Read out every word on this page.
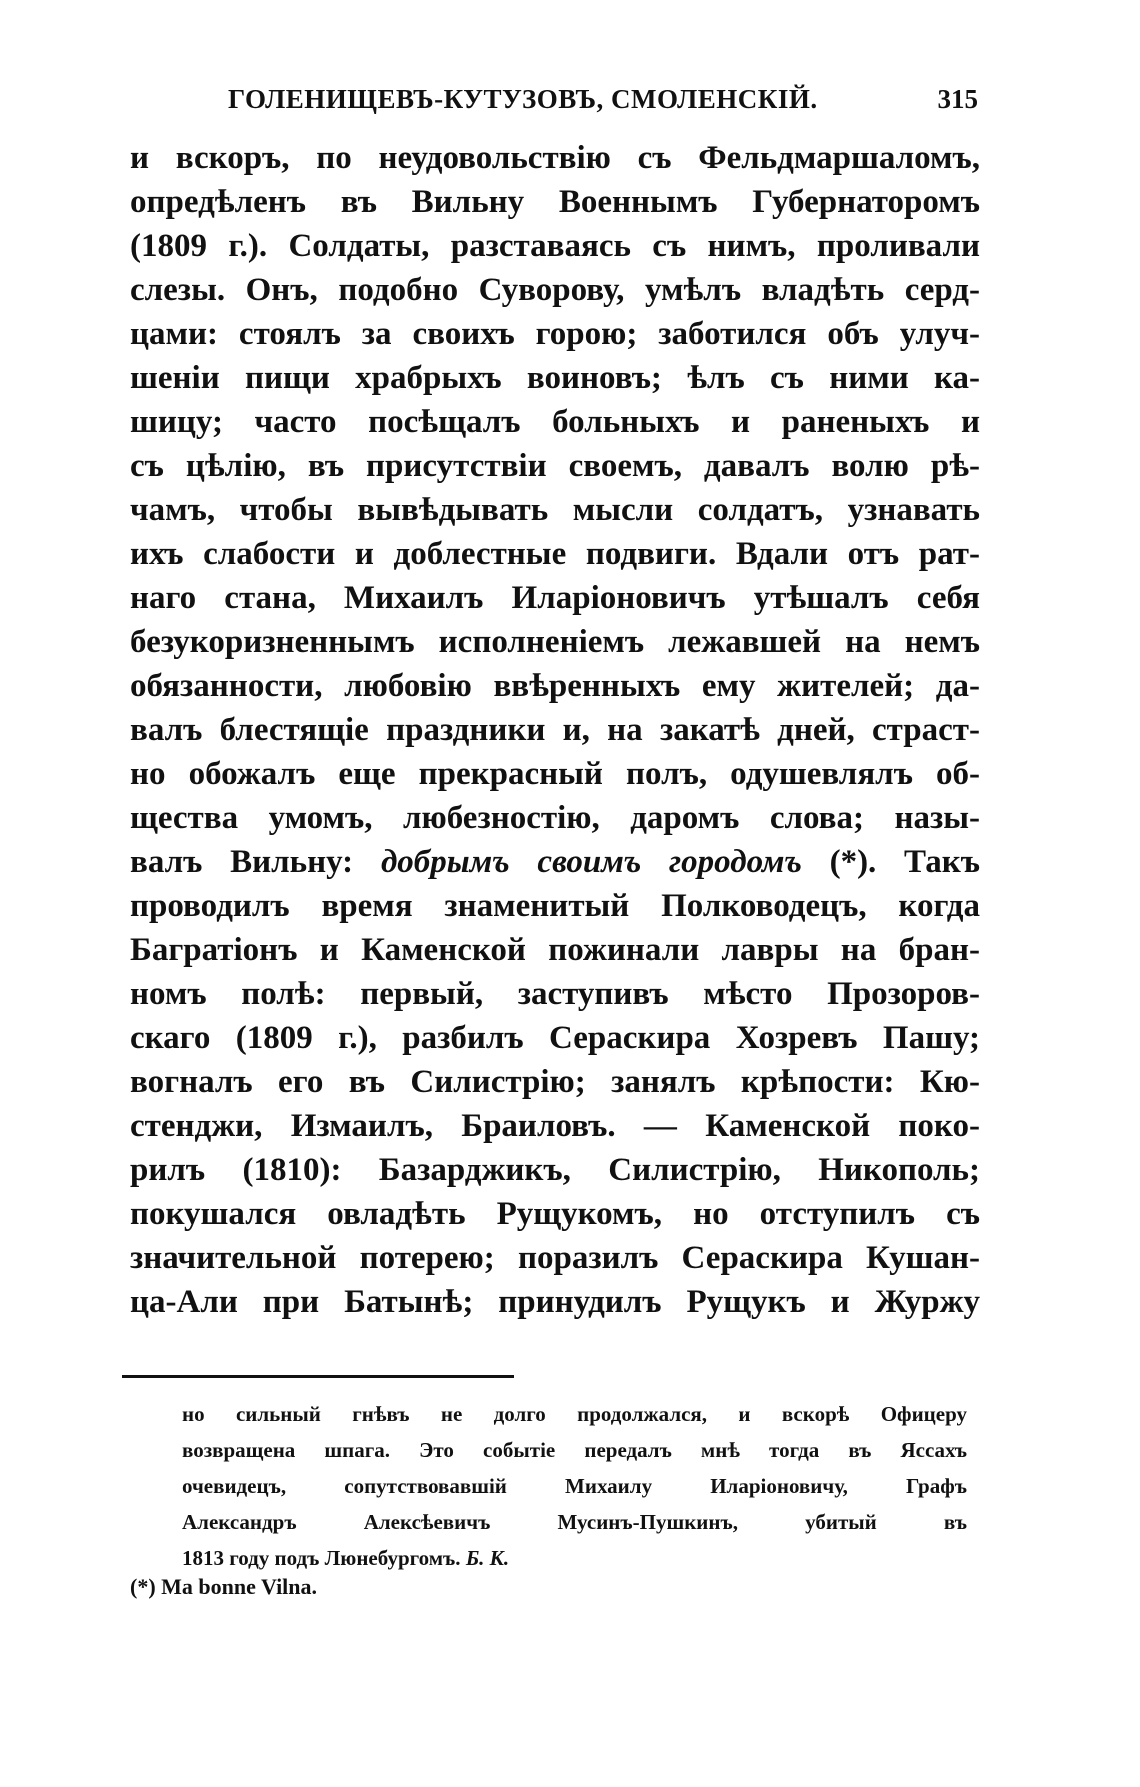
ГОЛЕНИЩЕВЪ-КУТУЗОВЪ, СМОЛЕНСКIЙ.	315
и вскоръ, по неудовольствiю съ Фельдмаршаломъ,
опредѣленъ въ Вильну Военнымъ Губернаторомъ
(1809 г.). Солдаты, разставаясь съ нимъ, проливали
слезы. Онъ, подобно Суворову, умѣлъ владѣть серд-
цами: стоялъ за своихъ горою; заботился объ улуч-
шенiи пищи храбрыхъ воиновъ; ѣлъ съ ними ка-
шицу; часто посѣщалъ больныхъ и раненыхъ и
съ цѣлiю, въ присутствiи своемъ, давалъ волю рѣ-
чамъ, чтобы вывѣдывать мысли солдатъ, узнавать
ихъ слабости и доблестные подвиги. Вдали отъ рат-
наго стана, Михаилъ Иларiоновичъ утѣшалъ себя
безукоризненнымъ исполненiемъ лежавшей на немъ
обязанности, любовiю ввѣренныхъ ему жителей; да-
валъ блестящiе праздники и, на закатѣ дней, страст-
но обожалъ еще прекрасный полъ, одушевлялъ об-
щества умомъ, любезностiю, даромъ слова; назы-
валъ Вильну: добрымъ своимъ городомъ (*). Такъ
проводилъ время знаменитый Полководецъ, когда
Багратiонъ и Каменской пожинали лавры на бран-
номъ полѣ: первый, заступивъ мѣсто Прозоров-
скаго (1809 г.), разбилъ Сераскира Хозревъ Пашу;
вогналъ его въ Силистрiю; занялъ крѣпости: Кю-
стенджи, Измаилъ, Браиловъ. — Каменской поко-
рилъ (1810): Базарджикъ, Силистрiю, Никополь;
покушался овладѣть Рущукомъ, но отступилъ съ
значительной потерею; поразилъ Сераскира Кушан-
ца-Али при Батынѣ; принудилъ Рущукъ и Журжу
но сильный гнѣвъ не долго продолжался, и вскорѣ Офицеру
возвращена шпага. Это событiе передалъ мнѣ тогда въ Яссахъ
очевидецъ, сопутствовавшiй Михаилу Иларiоновичу, Графъ
Александръ Алексѣевичъ Мусинъ-Пушкинъ, убитый въ
1813 году подъ Люнебургомъ. Б. К.
(*) Ma bonne Vilna.
